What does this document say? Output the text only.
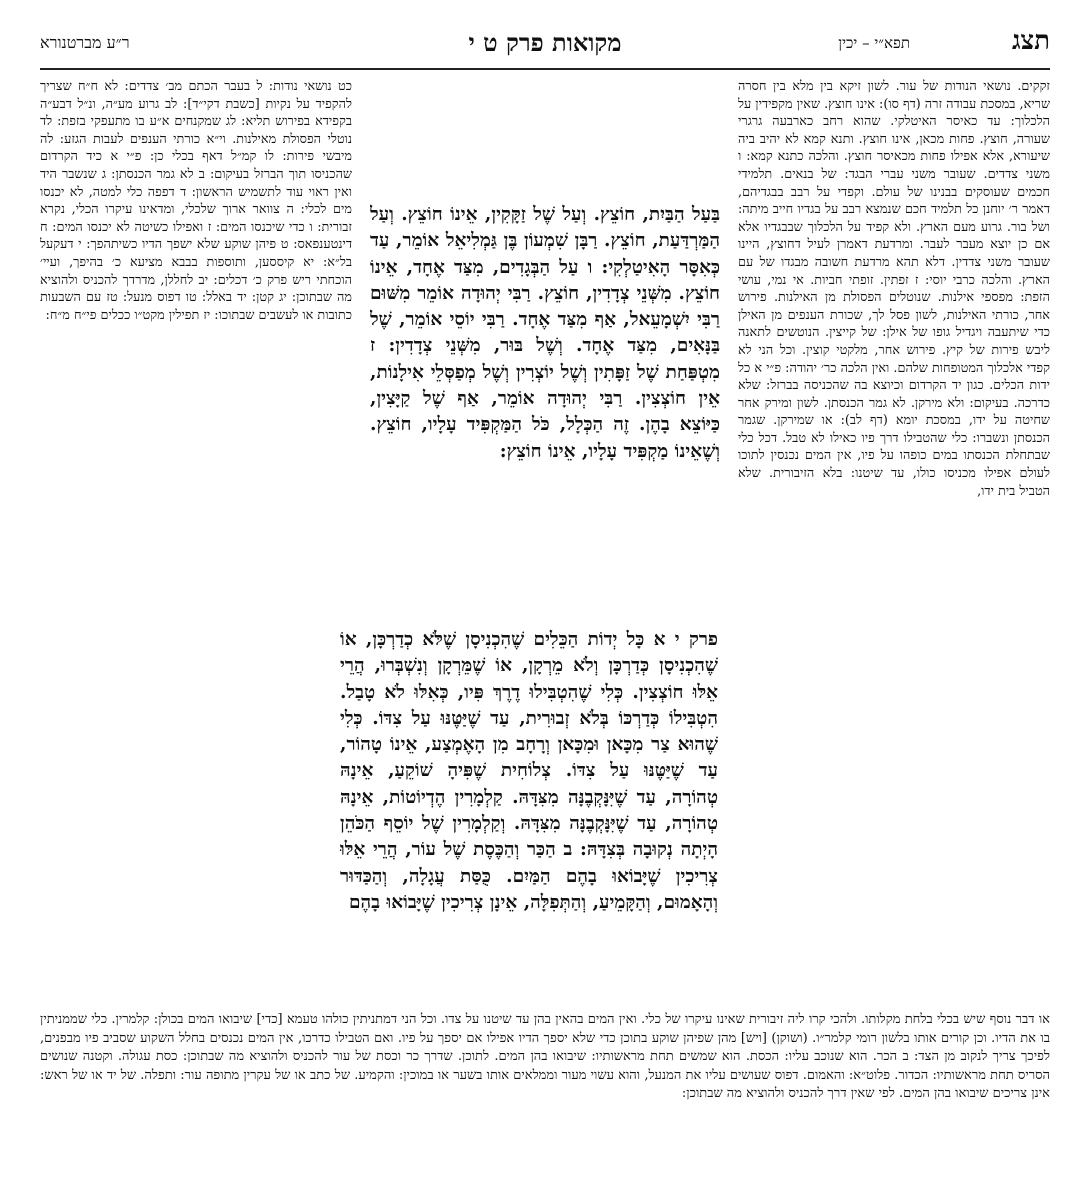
תצג
תפא״י – יכין
מקואות פרק ט י
ר״ע מברטנורא

זקקים. נושאי הנודות של עור. לשון זיקא בין מלא בין חסרה שריא, במסכת עבודה זרה (דף סו): אינו חוצץ. שאין מקפידין על הלכלוך: עד כאיסר האיטלקי. שהוא רחב כארבעה גרגרי שעורה, חוצץ. פחות מכאן, אינו חוצץ. ותנא קמא לא יהיב ביה שיעורא, אלא אפילו פחות מכאיסר חוצץ. והלכה כתנא קמא: ו משני צדדים. שעובר משני עברי הבגד: של בנאים. תלמידי חכמים שעוסקים בבנינו של עולם. וקפדי על רבב בבגדיהם, דאמר ר׳ יוחנן כל תלמיד חכם שנמצא רבב על בגדיו חייב מיתה: ושל בור. גרוע מעם הארץ. ולא קפיד על הלכלוך שבבגדיו אלא אם כן יוצא מעבר לעבר. ומרדעת דאמרן לעיל דחוצץ, היינו שעובר משני צדדין. דלא תהא מרדעת חשובה מבגדו של עם הארץ. והלכה כרבי יוסי: ז זפתין. זופתי חביות. אי נמי, עושי הזפת: מפספי אילנות. שנוטלים הפסולת מן האילנות. פירוש אחר, כורתי האילנות, לשון פסל לך, שכורת הענפים מן האילן כדי שיתעבה ויגדיל גופו של אילן: של קייצין. הנוטשים לתאנה ליבש פירות של קיץ. פירוש אחר, מלקטי קוצין. וכל הני לא קפדי אלכלוך המטופחות שלהם. ואין הלכה כר׳ יהודה: פ״י א כל ידות הכלים. כגון יד הקרדום וכיוצא בה שהכניסה בברזל: שלא כדרכה. בעיקום: ולא מירקן. לא גמר הכנסתן. לשון ומירק אחר שחיטה על ידו, במסכת יומא (דף לב): או שמירקן. שגמר הכנסתן ונשברו: כלי שהטבילו דרך פיו כאילו לא טבל. דכל כלי שבתחלת הכנסתו במים כופהו על פיו, אין המים נכנסין לתוכו לעולם אפילו מכניסו כולו, עד שיטנו: בלא הזיבורית. שלא הטביל בית ידו,

כט נושאי נודות: ל בעבר הכתם מב׳ צדדים: לא ח״ח שצריך להקפיד על נקיות [כשבת דקי״ד]: לב גרוע מע״ה, ונ״ל דבע״ה בקפידא בפירוש תליא: לג שמקנחים א״ע בו מתעפקי בזפת: לד נוטלי הפסולת מאילנות. וי״א כורתי הענפים לעבות הגזע: לה מיבשי פירות: לו קמ״ל דאף בכלי כן: פ״י א כיד הקרדום שהכניסו תוך הברזל בעיקום: ב לא גמר הכנסתן: ג שנשבר היד ואין ראוי עוד לתשמיש הראשון: ד דפפה כלי למטה, לא יכנסו מים לכלי: ה צוואר ארוך שלכלי, ומדאינו עיקרו הכלי, נקרא זבורית: ו כדי שיכנסו המים: ז ואפילו כשיטה לא יכנסו המים: ח דינטענפאס: ט פיהן שוקע שלא ישפך הדיו כשיתהפך: י דעקעל בל״א: יא קיססען, ותוספות בבבא מציעא כ׳ בהיפך, ועיי׳ הוכחתי ריש פרק כ׳ דכלים: יב לחללן, מדרדך להכניס ולהוציא מה שבתוכן: יג קטן: יד באלל: טו דפוס מנעל: טז עם השבעות כתובות או לעשבים שבתוכו: יז תפילין מקט״ו ככלים פי״ח מ״ח:

בַּעַל הַבַּיִת, חוֹצֵץ. וְעַל שֶׁל זַקָּקִין, אֵינוֹ חוֹצֵץ. וְעַל הַמַּרְדַּעַת, חוֹצֵץ. רַבָּן שִׁמְעוֹן בֶּן גַּמְלִיאֵל אוֹמֵר, עַד כְּאִסָּר הָאִיטַלְקִי: ו עַל הַבְּגָדִים, מִצַּד אֶחָד, אֵינוֹ חוֹצֵץ. מִשְּׁנֵי צְדָדִין, חוֹצֵץ. רַבִּי יְהוּדָה אוֹמֵר מִשּׁוּם רַבִּי יִשְׁמָעֵאל, אַף מִצַּד אֶחָד. רַבִּי יוֹסֵי אוֹמֵר, שֶׁל בַּנָּאִים, מִצַּד אֶחָד. וְשֶׁל בּוּר, מִשְּׁנֵי צְדָדִין: ז מִטְפַּחַת שֶׁל זַפָּתִין וְשֶׁל יוֹצְרִין וְשֶׁל מְפַסְּלֵי אִילָנוֹת, אֵין חוֹצְצִין. רַבִּי יְהוּדָה אוֹמֵר, אַף שֶׁל קַיָּצִין, כַּיּוֹצֵא בָהֶן. זֶה הַכְּלָל, כֹּל הַמַּקְפִּיד עָלָיו, חוֹצֵץ. וְשֶׁאֵינוֹ מַקְפִּיד עָלָיו, אֵינוֹ חוֹצֵץ:

פרק י א כָּל יְדוֹת הַכֵּלִים שֶׁהִכְנִיסָן שֶׁלֹּא כְדַרְכָּן, אוֹ שֶׁהִכְנִיסָן כְּדַרְכָּן וְלֹא מֵרְקָן, אוֹ שֶׁמֵּרְקָן וְנִשְׁבְּרוּ, הֲרֵי אֵלּוּ חוֹצְצִין. כְּלִי שֶׁהִטְבִּילוּ דֶרֶךְ פִּיו, כְּאִלּוּ לֹא טָבַל. הִטְבִּילוֹ כְּדַרְכּוֹ בְּלֹא זְבוּרִית, עַד שֶׁיַּטֶּנּוּ עַל צִדּוֹ. כְּלִי שֶׁהוּא צַר מִכָּאן וּמִכָּאן וְרָחָב מִן הָאֶמְצַע, אֵינוֹ טָהוֹר, עַד שֶׁיַּטֶּנּוּ עַל צִדּוֹ. צְלוֹחִית שֶׁפִּיהָ שׁוֹקֵעַ, אֵינָהּ טְהוֹרָה, עַד שֶׁיִּנָּקְבֶנָּה מִצִּדָּהּ. קַלְמָרִין הֶדְיוֹטוֹת, אֵינָהּ טְהוֹרָה, עַד שֶׁיִּנָּקְבֶנָּה מִצִּדָּהּ. וְקַלְמָרִין שֶׁל יוֹסֵף הַכֹּהֵן הָיְתָה נְקוּבָה בְּצִדָּהּ: ב הַכַּר וְהַכֶּסֶת שֶׁל עוֹר, הֲרֵי אֵלּוּ צְרִיכִין שֶׁיָּבוֹאוּ בָהֶם הַמַּיִם. כֻּסַּת עֲגָלָה, וְהַכַּדּוּר וְהָאָמוּם, וְהַקָּמֵיעַ, וְהַתְּפִלָּה, אֵינָן צְרִיכִין שֶׁיָּבוֹאוּ בָהֶם

או דבר נוסף שיש בכלי בלחת מקלותו. ולהכי קרו ליה זיבורית שאינו עיקרו של כלי. ואין המים בהאין בהן עד שיטנו על צדו. וכל הני דמתניתין כולהו טעמא [כדי] שיבואו המים בכולן: קלמרין. כלי שממניתין בו את הדיו. וכן קורים אותו בלשון רומי קלמר״ו. (ושוקן) [ויש] מהן שפיהן שוקע בתוכן כדי שלא יספך הדיו אפילו אם יספך על פיו. ואם הטבילו כדרכו, אין המים נכנסים בחלל השקוע שסביב פיו מבפנים, לפיכך צריך לנקוב מן הצד: ב הכר. הוא שנוכב עליו: הכסת. הוא שמשים תחת מראשותיו: שיבואו בהן המים. לתוכן. שדרך כר וכסת של עור להכניס ולהוציא מה שבתוכן: כסת עגולה. וקטנה שנושים הסריס תחת מראשותיו: הכדור. פלוט״א: והאמום. דפוס שעושים עליו את המנעל, והוא עשוי מעור וממלאים אותו בשער או במוכין: והקמיע. של כתב או של עקרין מתופה עור: ותפלה. של יד או של ראש: אינן צריכים שיבואו בהן המים. לפי שאין דרך להכניס ולהוציא מה שבתוכן:
